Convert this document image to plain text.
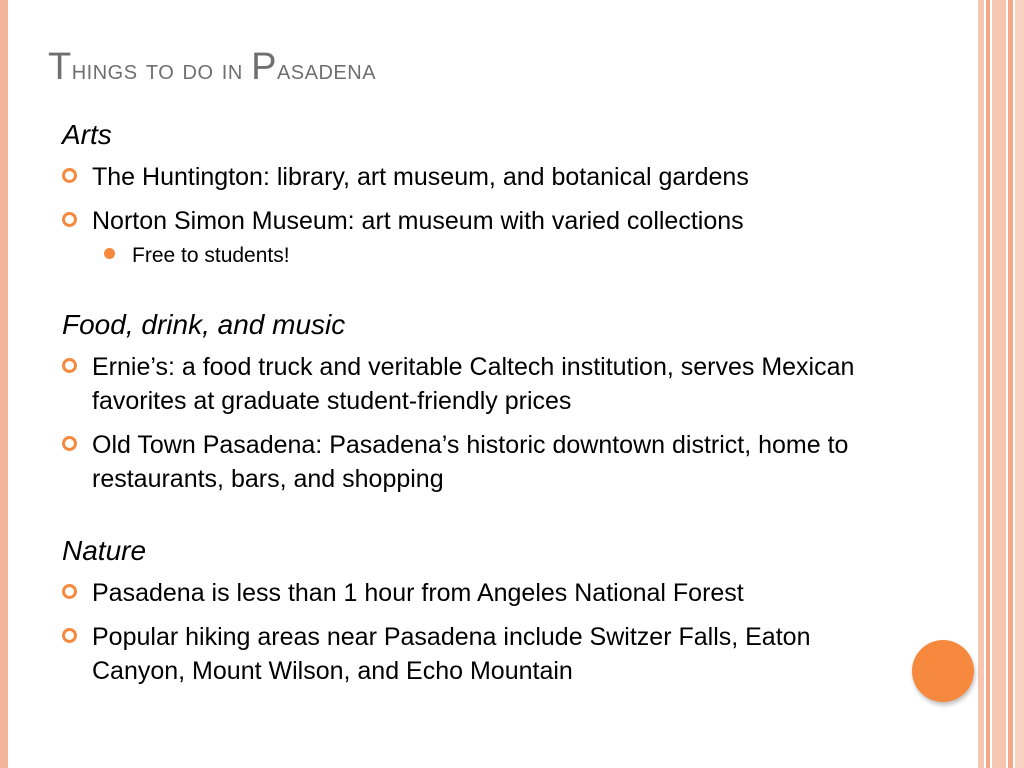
Things to do in Pasadena
Arts
The Huntington: library, art museum, and botanical gardens
Norton Simon Museum: art museum with varied collections
Free to students!
Food, drink, and music
Ernie’s: a food truck and veritable Caltech institution, serves Mexican favorites at graduate student-friendly prices
Old Town Pasadena: Pasadena’s historic downtown district, home to restaurants, bars, and shopping
Nature
Pasadena is less than 1 hour from Angeles National Forest
Popular hiking areas near Pasadena include Switzer Falls, Eaton Canyon, Mount Wilson, and Echo Mountain
